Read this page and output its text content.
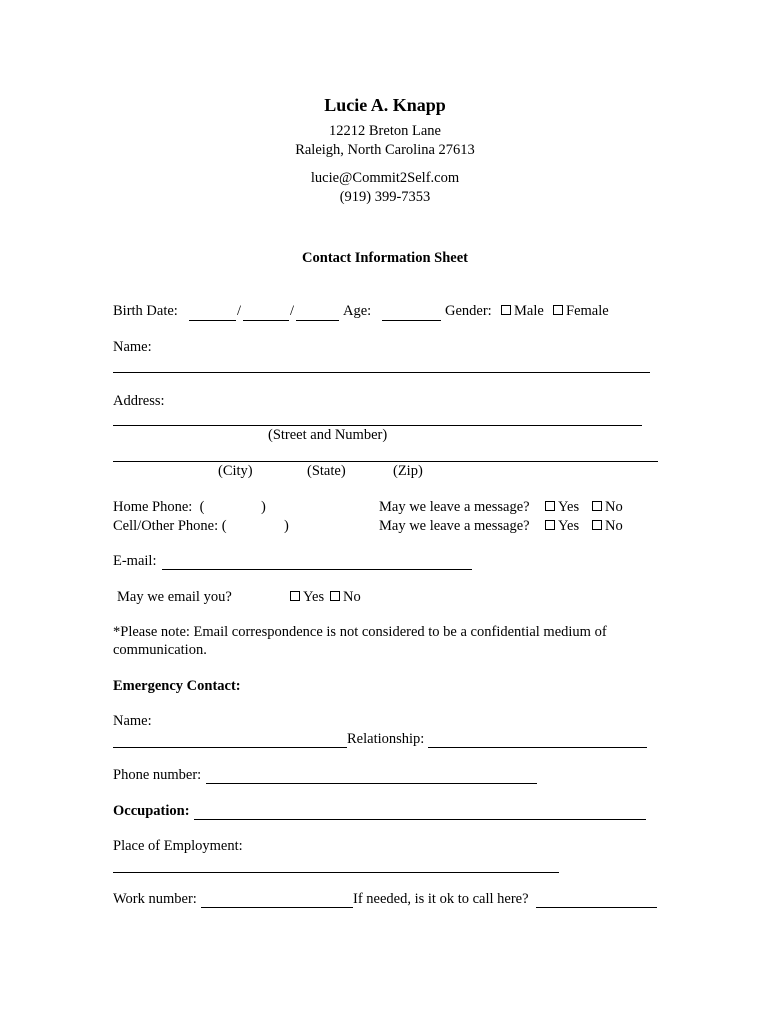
Lucie A. Knapp
12212 Breton Lane
Raleigh, North Carolina 27613
lucie@Commit2Self.com
(919) 399-7353
Contact Information Sheet
Birth Date:	/	/	Age:	Gender:	Male	Female
Name:
Address:
(Street and Number)
(City)	(State)	(Zip)
Home Phone:  (	)	May we leave a message?	Yes	No
Cell/Other Phone: (	)	May we leave a message?	Yes	No
E-mail:
May we email you?	Yes	No
*Please note: Email correspondence is not considered to be a confidential medium of
communication.
Emergency Contact:
Name:
Relationship:
Phone number:
Occupation:
Place of Employment:
Work number:	If needed, is it ok to call here?
